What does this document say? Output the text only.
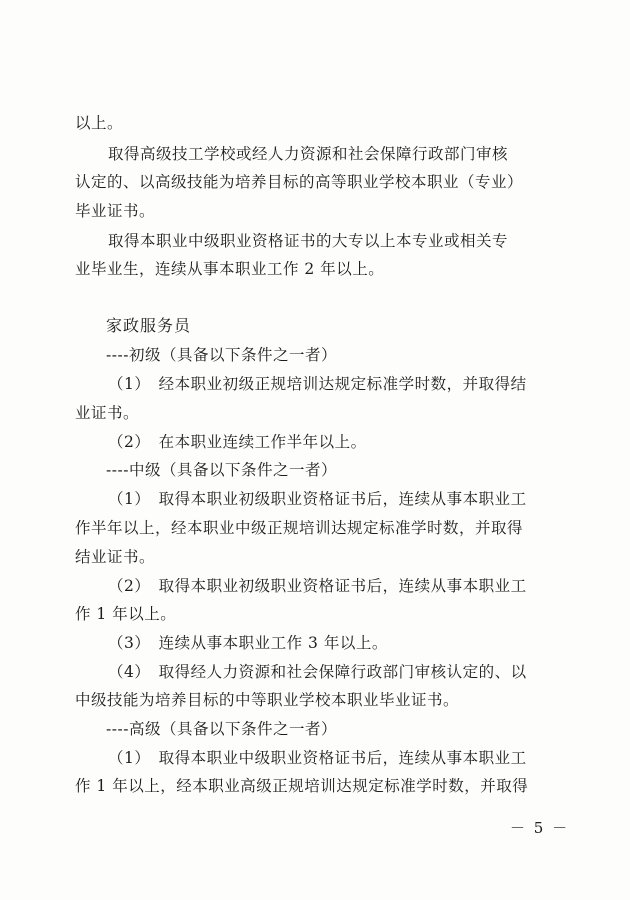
以上。
取得高级技工学校或经人力资源和社会保障行政部门审核
认定的、以高级技能为培养目标的高等职业学校本职业（专业）
毕业证书。
取得本职业中级职业资格证书的大专以上本专业或相关专
业毕业生，连续从事本职业工作 2 年以上。
家政服务员
----初级（具备以下条件之一者）
（1）　经本职业初级正规培训达规定标准学时数，并取得结
业证书。
（2）　在本职业连续工作半年以上。
----中级（具备以下条件之一者）
（1）　取得本职业初级职业资格证书后，连续从事本职业工
作半年以上，经本职业中级正规培训达规定标准学时数，并取得
结业证书。
（2）　取得本职业初级职业资格证书后，连续从事本职业工
作 1 年以上。
（3）　连续从事本职业工作 3 年以上。
（4）　取得经人力资源和社会保障行政部门审核认定的、以
中级技能为培养目标的中等职业学校本职业毕业证书。
----高级（具备以下条件之一者）
（1）　取得本职业中级职业资格证书后，连续从事本职业工
作 1 年以上，经本职业高级正规培训达规定标准学时数，并取得
－ 5 －
